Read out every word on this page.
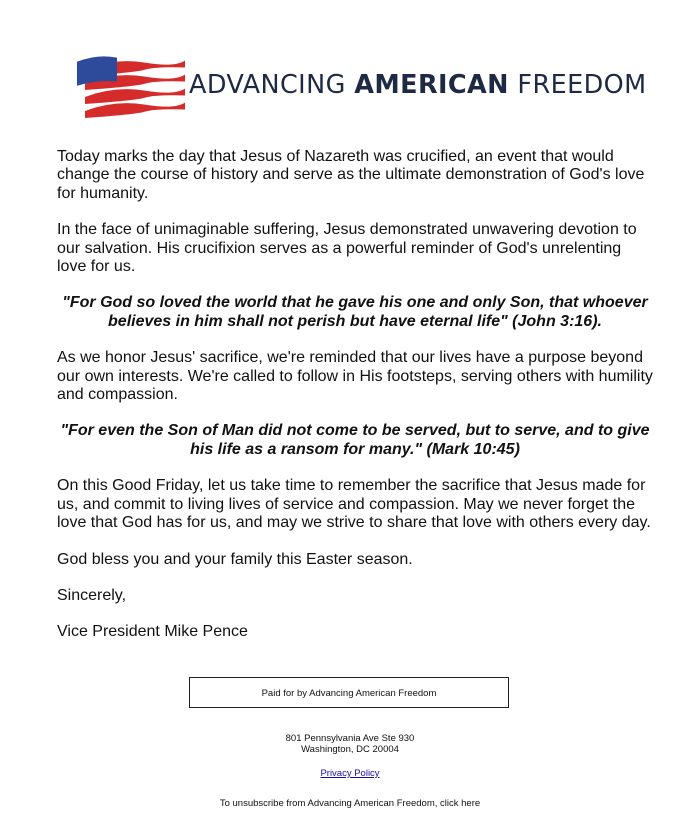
ADVANCING AMERICAN FREEDOM

Today marks the day that Jesus of Nazareth was crucified, an event that would change the course of history and serve as the ultimate demonstration of God's love for humanity.

In the face of unimaginable suffering, Jesus demonstrated unwavering devotion to our salvation. His crucifixion serves as a powerful reminder of God's unrelenting love for us.

"For God so loved the world that he gave his one and only Son, that whoever believes in him shall not perish but have eternal life" (John 3:16).

As we honor Jesus' sacrifice, we're reminded that our lives have a purpose beyond our own interests. We're called to follow in His footsteps, serving others with humility and compassion.

"For even the Son of Man did not come to be served, but to serve, and to give his life as a ransom for many." (Mark 10:45)

On this Good Friday, let us take time to remember the sacrifice that Jesus made for us, and commit to living lives of service and compassion. May we never forget the love that God has for us, and may we strive to share that love with others every day.

God bless you and your family this Easter season.

Sincerely,

Vice President Mike Pence

Paid for by Advancing American Freedom
801 Pennsylvania Ave Ste 930
Washington, DC 20004
Privacy Policy
To unsubscribe from Advancing American Freedom, click here
